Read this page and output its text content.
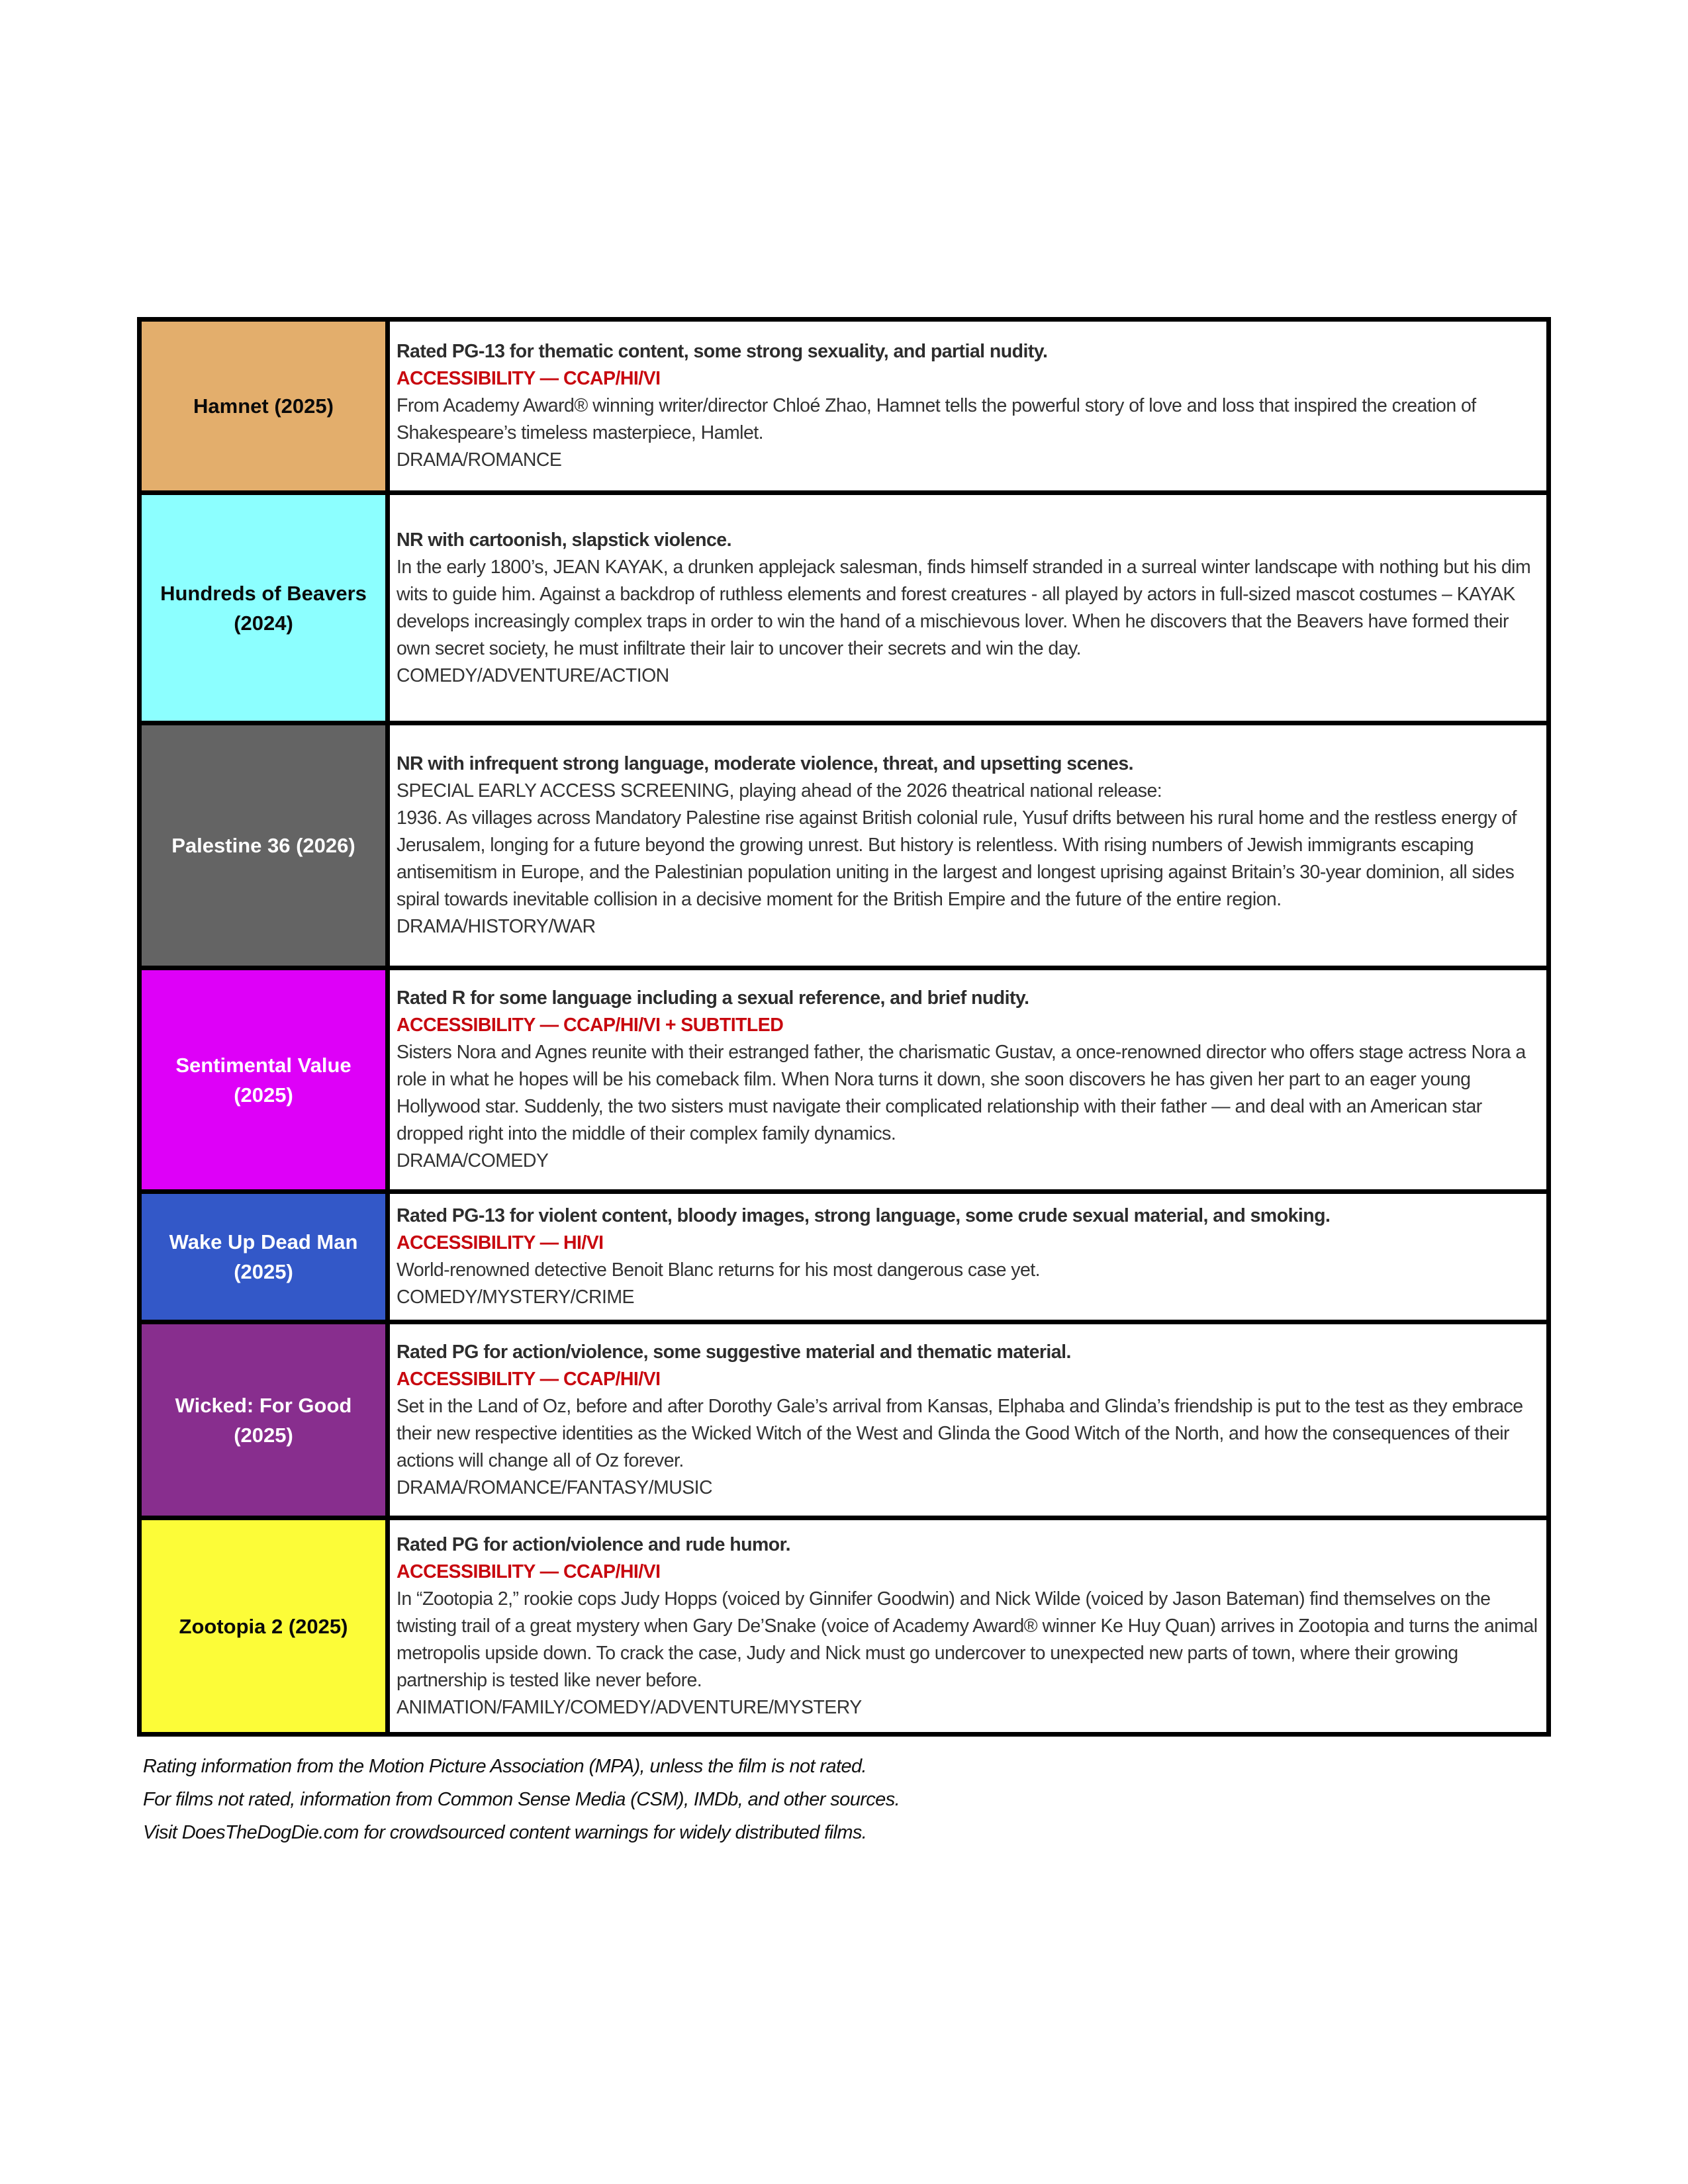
Hamnet (2025)
Rated PG-13 for thematic content, some strong sexuality, and partial nudity.
ACCESSIBILITY — CCAP/HI/VI
From Academy Award® winning writer/director Chloé Zhao, Hamnet tells the powerful story of love and loss that inspired the creation of Shakespeare’s timeless masterpiece, Hamlet.
DRAMA/ROMANCE
Hundreds of Beavers
(2024)
NR with cartoonish, slapstick violence.
In the early 1800’s, JEAN KAYAK, a drunken applejack salesman, finds himself stranded in a surreal winter landscape with nothing but his dim wits to guide him. Against a backdrop of ruthless elements and forest creatures - all played by actors in full-sized mascot costumes – KAYAK develops increasingly complex traps in order to win the hand of a mischievous lover. When he discovers that the Beavers have formed their own secret society, he must infiltrate their lair to uncover their secrets and win the day.
COMEDY/ADVENTURE/ACTION
Palestine 36 (2026)
NR with infrequent strong language, moderate violence, threat, and upsetting scenes.
SPECIAL EARLY ACCESS SCREENING, playing ahead of the 2026 theatrical national release:
1936. As villages across Mandatory Palestine rise against British colonial rule, Yusuf drifts between his rural home and the restless energy of Jerusalem, longing for a future beyond the growing unrest. But history is relentless. With rising numbers of Jewish immigrants escaping antisemitism in Europe, and the Palestinian population uniting in the largest and longest uprising against Britain’s 30-year dominion, all sides spiral towards inevitable collision in a decisive moment for the British Empire and the future of the entire region.
DRAMA/HISTORY/WAR
Sentimental Value
(2025)
Rated R for some language including a sexual reference, and brief nudity.
ACCESSIBILITY — CCAP/HI/VI + SUBTITLED
Sisters Nora and Agnes reunite with their estranged father, the charismatic Gustav, a once-renowned director who offers stage actress Nora a role in what he hopes will be his comeback film. When Nora turns it down, she soon discovers he has given her part to an eager young Hollywood star. Suddenly, the two sisters must navigate their complicated relationship with their father — and deal with an American star dropped right into the middle of their complex family dynamics.
DRAMA/COMEDY
Wake Up Dead Man
(2025)
Rated PG-13 for violent content, bloody images, strong language, some crude sexual material, and smoking.
ACCESSIBILITY — HI/VI
World-renowned detective Benoit Blanc returns for his most dangerous case yet.
COMEDY/MYSTERY/CRIME
Wicked: For Good
(2025)
Rated PG for action/violence, some suggestive material and thematic material.
ACCESSIBILITY — CCAP/HI/VI
Set in the Land of Oz, before and after Dorothy Gale’s arrival from Kansas, Elphaba and Glinda’s friendship is put to the test as they embrace their new respective identities as the Wicked Witch of the West and Glinda the Good Witch of the North, and how the consequences of their actions will change all of Oz forever.
DRAMA/ROMANCE/FANTASY/MUSIC
Zootopia 2 (2025)
Rated PG for action/violence and rude humor.
ACCESSIBILITY — CCAP/HI/VI
In “Zootopia 2,” rookie cops Judy Hopps (voiced by Ginnifer Goodwin) and Nick Wilde (voiced by Jason Bateman) find themselves on the twisting trail of a great mystery when Gary De’Snake (voice of Academy Award® winner Ke Huy Quan) arrives in Zootopia and turns the animal metropolis upside down. To crack the case, Judy and Nick must go undercover to unexpected new parts of town, where their growing partnership is tested like never before.
ANIMATION/FAMILY/COMEDY/ADVENTURE/MYSTERY
Rating information from the Motion Picture Association (MPA), unless the film is not rated.
For films not rated, information from Common Sense Media (CSM), IMDb, and other sources.
Visit DoesTheDogDie.com for crowdsourced content warnings for widely distributed films.
